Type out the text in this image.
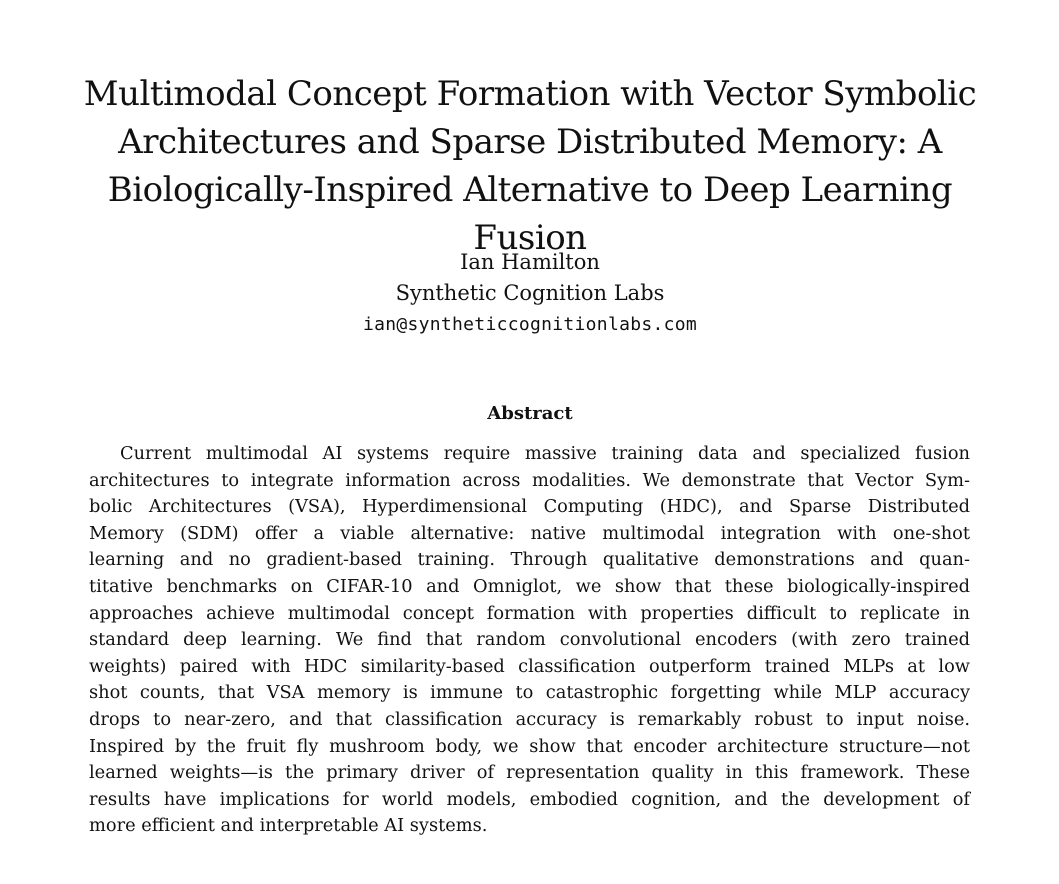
Multimodal Concept Formation with Vector Symbolic
Architectures and Sparse Distributed Memory: A
Biologically-Inspired Alternative to Deep Learning Fusion
Ian Hamilton
Synthetic Cognition Labs
ian@syntheticcognitionlabs.com
Abstract
Current multimodal AI systems require massive training data and specialized fusion
architectures to integrate information across modalities. We demonstrate that Vector Sym-
bolic Architectures (VSA), Hyperdimensional Computing (HDC), and Sparse Distributed
Memory (SDM) offer a viable alternative: native multimodal integration with one-shot
learning and no gradient-based training. Through qualitative demonstrations and quan-
titative benchmarks on CIFAR-10 and Omniglot, we show that these biologically-inspired
approaches achieve multimodal concept formation with properties difficult to replicate in
standard deep learning. We find that random convolutional encoders (with zero trained
weights) paired with HDC similarity-based classification outperform trained MLPs at low
shot counts, that VSA memory is immune to catastrophic forgetting while MLP accuracy
drops to near-zero, and that classification accuracy is remarkably robust to input noise.
Inspired by the fruit fly mushroom body, we show that encoder architecture structure—not
learned weights—is the primary driver of representation quality in this framework. These
results have implications for world models, embodied cognition, and the development of
more efficient and interpretable AI systems.
